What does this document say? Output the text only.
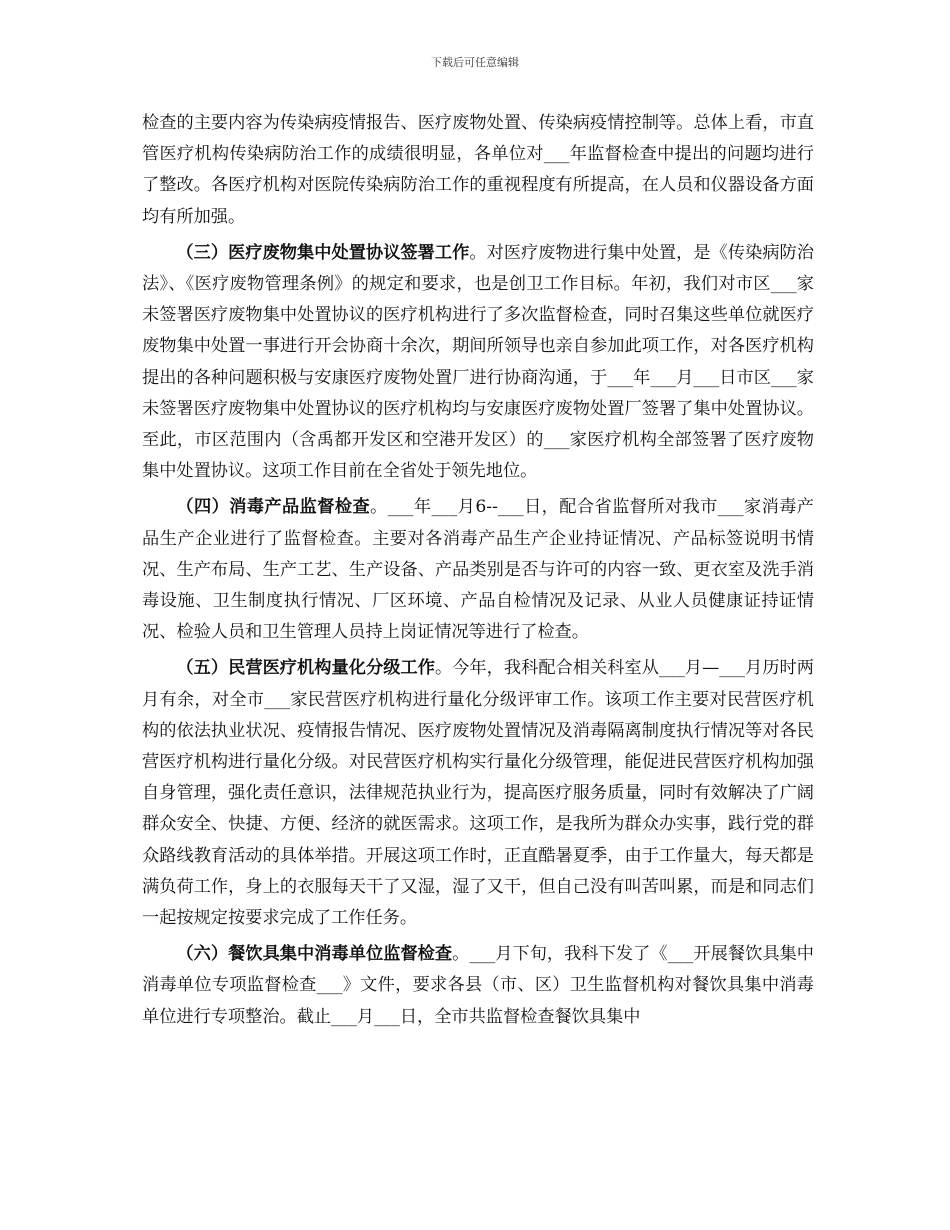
下载后可任意编辑

检查的主要内容为传染病疫情报告、医疗废物处置、传染病疫情控制等。总体上看，市直管医疗机构传染病防治工作的成绩很明显，各单位对___年监督检查中提出的问题均进行了整改。各医疗机构对医院传染病防治工作的重视程度有所提高，在人员和仪器设备方面均有所加强。

（三）医疗废物集中处置协议签署工作。对医疗废物进行集中处置，是《传染病防治法》、《医疗废物管理条例》的规定和要求，也是创卫工作目标。年初，我们对市区___家未签署医疗废物集中处置协议的医疗机构进行了多次监督检查，同时召集这些单位就医疗废物集中处置一事进行开会协商十余次，期间所领导也亲自参加此项工作，对各医疗机构提出的各种问题积极与安康医疗废物处置厂进行协商沟通，于___年___月___日市区___家未签署医疗废物集中处置协议的医疗机构均与安康医疗废物处置厂签署了集中处置协议。至此，市区范围内（含禹都开发区和空港开发区）的___家医疗机构全部签署了医疗废物集中处置协议。这项工作目前在全省处于领先地位。

（四）消毒产品监督检查。___年___月6--___日，配合省监督所对我市___家消毒产品生产企业进行了监督检查。主要对各消毒产品生产企业持证情况、产品标签说明书情况、生产布局、生产工艺、生产设备、产品类别是否与许可的内容一致、更衣室及洗手消毒设施、卫生制度执行情况、厂区环境、产品自检情况及记录、从业人员健康证持证情况、检验人员和卫生管理人员持上岗证情况等进行了检查。

（五）民营医疗机构量化分级工作。今年，我科配合相关科室从___月—___月历时两月有余，对全市___家民营医疗机构进行量化分级评审工作。该项工作主要对民营医疗机构的依法执业状况、疫情报告情况、医疗废物处置情况及消毒隔离制度执行情况等对各民营医疗机构进行量化分级。对民营医疗机构实行量化分级管理，能促进民营医疗机构加强自身管理，强化责任意识，法律规范执业行为，提高医疗服务质量，同时有效解决了广阔群众安全、快捷、方便、经济的就医需求。这项工作，是我所为群众办实事，践行党的群众路线教育活动的具体举措。开展这项工作时，正直酷暑夏季，由于工作量大，每天都是满负荷工作，身上的衣服每天干了又湿，湿了又干，但自己没有叫苦叫累，而是和同志们一起按规定按要求完成了工作任务。

（六）餐饮具集中消毒单位监督检查。___月下旬，我科下发了《___开展餐饮具集中消毒单位专项监督检查___》文件，要求各县（市、区）卫生监督机构对餐饮具集中消毒单位进行专项整治。截止___月___日，全市共监督检查餐饮具集中
